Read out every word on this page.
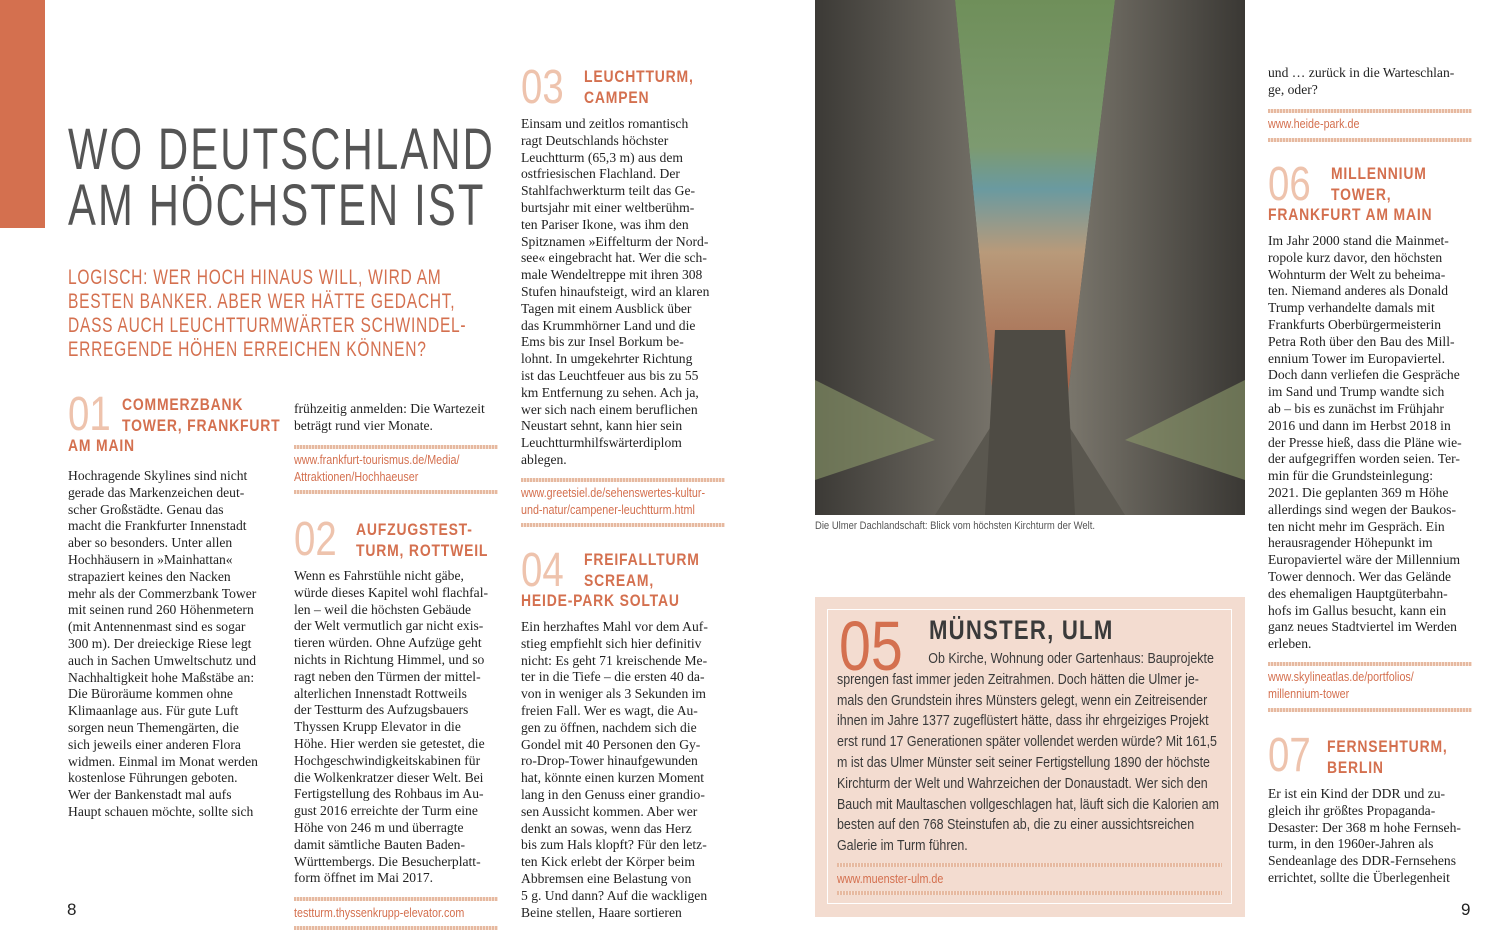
WO DEUTSCHLAND
AM HÖCHSTEN IST
LOGISCH: WER HOCH HINAUS WILL, WIRD AM
BESTEN BANKER. ABER WER HÄTTE GEDACHT,
DASS AUCH LEUCHTTURMWÄRTER SCHWINDEL-
ERREGENDE HÖHEN ERREICHEN KÖNNEN?
01 COMMERZBANK
TOWER, FRANKFURT
AM MAIN
Hochragende Skylines sind nicht
gerade das Markenzeichen deut-
scher Großstädte. Genau das
macht die Frankfurter Innenstadt
aber so besonders. Unter allen
Hochhäusern in »Mainhattan«
strapaziert keines den Nacken
mehr als der Commerzbank Tower
mit seinen rund 260 Höhenmetern
(mit Antennenmast sind es sogar
300 m). Der dreieckige Riese legt
auch in Sachen Umweltschutz und
Nachhaltigkeit hohe Maßstäbe an:
Die Büroräume kommen ohne
Klimaanlage aus. Für gute Luft
sorgen neun Themengärten, die
sich jeweils einer anderen Flora
widmen. Einmal im Monat werden
kostenlose Führungen geboten.
Wer der Bankenstadt mal aufs
Haupt schauen möchte, sollte sich
frühzeitig anmelden: Die Wartezeit
beträgt rund vier Monate.
www.frankfurt-tourismus.de/Media/
Attraktionen/Hochhaeuser
02 AUFZUGSTEST-
TURM, ROTTWEIL
Wenn es Fahrstühle nicht gäbe,
würde dieses Kapitel wohl flachfal-
len – weil die höchsten Gebäude
der Welt vermutlich gar nicht exis-
tieren würden. Ohne Aufzüge geht
nichts in Richtung Himmel, und so
ragt neben den Türmen der mittel-
alterlichen Innenstadt Rottweils
der Testturm des Aufzugsbauers
Thyssen Krupp Elevator in die
Höhe. Hier werden sie getestet, die
Hochgeschwindigkeitskabinen für
die Wolkenkratzer dieser Welt. Bei
Fertigstellung des Rohbaus im Au-
gust 2016 erreichte der Turm eine
Höhe von 246 m und überragte
damit sämtliche Bauten Baden-
Württembergs. Die Besucherplatt-
form öffnet im Mai 2017.
testturm.thyssenkrupp-elevator.com
03 LEUCHTTURM,
CAMPEN
Einsam und zeitlos romantisch
ragt Deutschlands höchster
Leuchtturm (65,3 m) aus dem
ostfriesischen Flachland. Der
Stahlfachwerkturm teilt das Ge-
burtsjahr mit einer weltberühm-
ten Pariser Ikone, was ihm den
Spitznamen »Eiffelturm der Nord-
see« eingebracht hat. Wer die sch-
male Wendeltreppe mit ihren 308
Stufen hinaufsteigt, wird an klaren
Tagen mit einem Ausblick über
das Krummhörner Land und die
Ems bis zur Insel Borkum be-
lohnt. In umgekehrter Richtung
ist das Leuchtfeuer aus bis zu 55
km Entfernung zu sehen. Ach ja,
wer sich nach einem beruflichen
Neustart sehnt, kann hier sein
Leuchtturmhilfswärterdiplom
ablegen.
www.greetsiel.de/sehenswertes-kultur-
und-natur/campener-leuchtturm.html
04 FREIFALLTURM
SCREAM,
HEIDE-PARK SOLTAU
Ein herzhaftes Mahl vor dem Auf-
stieg empfiehlt sich hier definitiv
nicht: Es geht 71 kreischende Me-
ter in die Tiefe – die ersten 40 da-
von in weniger als 3 Sekunden im
freien Fall. Wer es wagt, die Au-
gen zu öffnen, nachdem sich die
Gondel mit 40 Personen den Gy-
ro-Drop-Tower hinaufgewunden
hat, könnte einen kurzen Moment
lang in den Genuss einer grandio-
sen Aussicht kommen. Aber wer
denkt an sowas, wenn das Herz
bis zum Hals klopft? Für den letz-
ten Kick erlebt der Körper beim
Abbremsen eine Belastung von
5 g. Und dann? Auf die wackligen
Beine stellen, Haare sortieren
und … zurück in die Warteschlan-
ge, oder?
www.heide-park.de
Die Ulmer Dachlandschaft: Blick vom höchsten Kirchturm der Welt.
05 MÜNSTER, ULM
Ob Kirche, Wohnung oder Gartenhaus: Bauprojekte
sprengen fast immer jeden Zeitrahmen. Doch hätten die Ulmer je-
mals den Grundstein ihres Münsters gelegt, wenn ein Zeitreisender
ihnen im Jahre 1377 zugeflüstert hätte, dass ihr ehrgeiziges Projekt
erst rund 17 Generationen später vollendet werden würde? Mit 161,5
m ist das Ulmer Münster seit seiner Fertigstellung 1890 der höchste
Kirchturm der Welt und Wahrzeichen der Donaustadt. Wer sich den
Bauch mit Maultaschen vollgeschlagen hat, läuft sich die Kalorien am
besten auf den 768 Steinstufen ab, die zu einer aussichtsreichen
Galerie im Turm führen.
www.muenster-ulm.de
06 MILLENNIUM
TOWER,
FRANKFURT AM MAIN
Im Jahr 2000 stand die Mainmet-
ropole kurz davor, den höchsten
Wohnturm der Welt zu beheima-
ten. Niemand anderes als Donald
Trump verhandelte damals mit
Frankfurts Oberbürgermeisterin
Petra Roth über den Bau des Mill-
ennium Tower im Europaviertel.
Doch dann verliefen die Gespräche
im Sand und Trump wandte sich
ab – bis es zunächst im Frühjahr
2016 und dann im Herbst 2018 in
der Presse hieß, dass die Pläne wie-
der aufgegriffen worden seien. Ter-
min für die Grundsteinlegung:
2021. Die geplanten 369 m Höhe
allerdings sind wegen der Baukos-
ten nicht mehr im Gespräch. Ein
herausragender Höhepunkt im
Europaviertel wäre der Millennium
Tower dennoch. Wer das Gelände
des ehemaligen Hauptgüterbahn-
hofs im Gallus besucht, kann ein
ganz neues Stadtviertel im Werden
erleben.
www.skylineatlas.de/portfolios/
millennium-tower
07 FERNSEHTURM,
BERLIN
Er ist ein Kind der DDR und zu-
gleich ihr größtes Propaganda-
Desaster: Der 368 m hohe Fernseh-
turm, in den 1960er-Jahren als
Sendeanlage des DDR-Fernsehens
errichtet, sollte die Überlegenheit
8	9
